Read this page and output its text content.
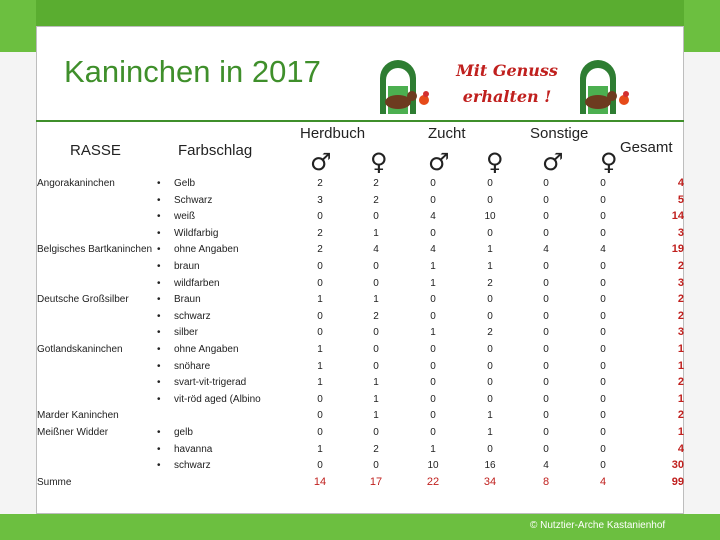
Kaninchen in 2017	Mit Genuss
erhalten !
RASSE	Farbschlag
Herdbuch	Zucht	Sonstige
Gesamt
♂ ♀ ♂ ♀ ♂ ♀
Angorakaninchen	• Gelb	2	2	0	0	0	0	4
• Schwarz	3	2	0	0	0	0	5
• weiß	0	0	4	10	0	0	14
• Wildfarbig	2	1	0	0	0	0	3
Belgisches Bartkaninchen • ohne Angaben	2	4	4	1	4	4	19
• braun	0	0	1	1	0	0	2
• wildfarben	0	0	1	2	0	0	3
Deutsche Großsilber	• Braun	1	1	0	0	0	0	2
• schwarz	0	2	0	0	0	0	2
• silber	0	0	1	2	0	0	3
Gotlandskaninchen	• ohne Angaben	1	0	0	0	0	0	1
• snöhare	1	0	0	0	0	0	1
• svart-vit-trigerad	1	1	0	0	0	0	2
• vit-röd aged (Albino	0	1	0	0	0	0	1
Marder Kaninchen	0	1	0	1	0	0	2
Meißner Widder	• gelb	0	0	0	1	0	0	1
• havanna	1	2	1	0	0	0	4
• schwarz	0	0	10	16	4	0	30
Summe	14	17	22	34	8	4	99
© Nutztier-Arche Kastanienhof
